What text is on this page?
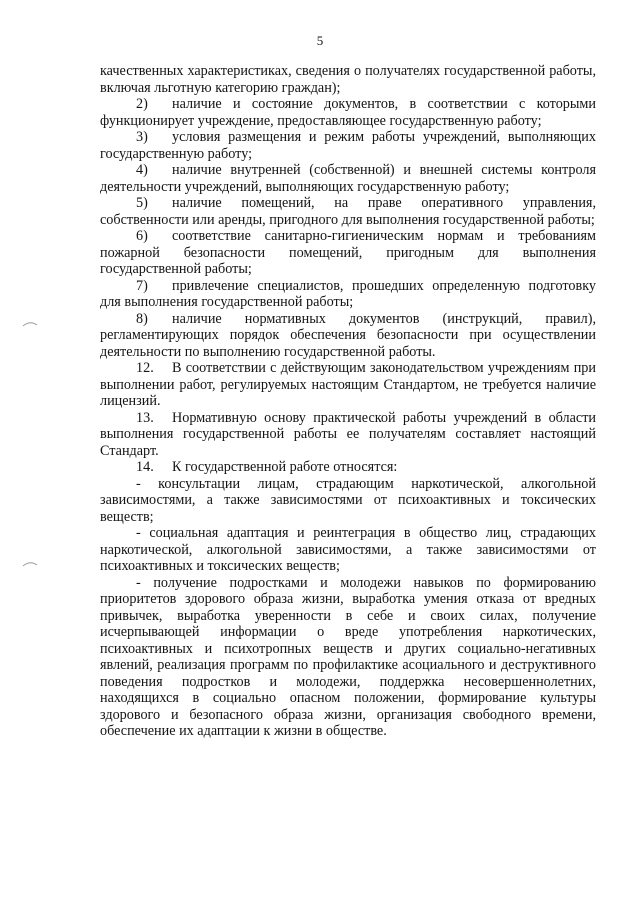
5

качественных характеристиках, сведения о получателях государственной работы, включая льготную категорию граждан);

2) наличие и состояние документов, в соответствии с которыми функционирует учреждение, предоставляющее государственную работу;

3) условия размещения и режим работы учреждений, выполняющих государственную работу;

4) наличие внутренней (собственной) и внешней системы контроля деятельности учреждений, выполняющих государственную работу;

5) наличие помещений, на праве оперативного управления, собственности или аренды, пригодного для выполнения государственной работы;

6) соответствие санитарно-гигиеническим нормам и требованиям пожарной безопасности помещений, пригодным для выполнения государственной работы;

7) привлечение специалистов, прошедших определенную подготовку для выполнения государственной работы;

8) наличие нормативных документов (инструкций, правил), регламентирующих порядок обеспечения безопасности при осуществлении деятельности по выполнению государственной работы.

12. В соответствии с действующим законодательством учреждениям при выполнении работ, регулируемых настоящим Стандартом, не требуется наличие лицензий.

13. Нормативную основу практической работы учреждений в области выполнения государственной работы ее получателям составляет настоящий Стандарт.

14. К государственной работе относятся:

- консультации лицам, страдающим наркотической, алкогольной зависимостями, а также зависимостями от психоактивных и токсических веществ;

- социальная адаптация и реинтеграция в общество лиц, страдающих наркотической, алкогольной зависимостями, а также зависимостями от психоактивных и токсических веществ;

- получение подростками и молодежи навыков по формированию приоритетов здорового образа жизни, выработка умения отказа от вредных привычек, выработка уверенности в себе и своих силах, получение исчерпывающей информации о вреде употребления наркотических, психоактивных и психотропных веществ и других социально-негативных явлений, реализация программ по профилактике асоциального и деструктивного поведения подростков и молодежи, поддержка несовершеннолетних, находящихся в социально опасном положении, формирование культуры здорового и безопасного образа жизни, организация свободного времени, обеспечение их адаптации к жизни в обществе.
